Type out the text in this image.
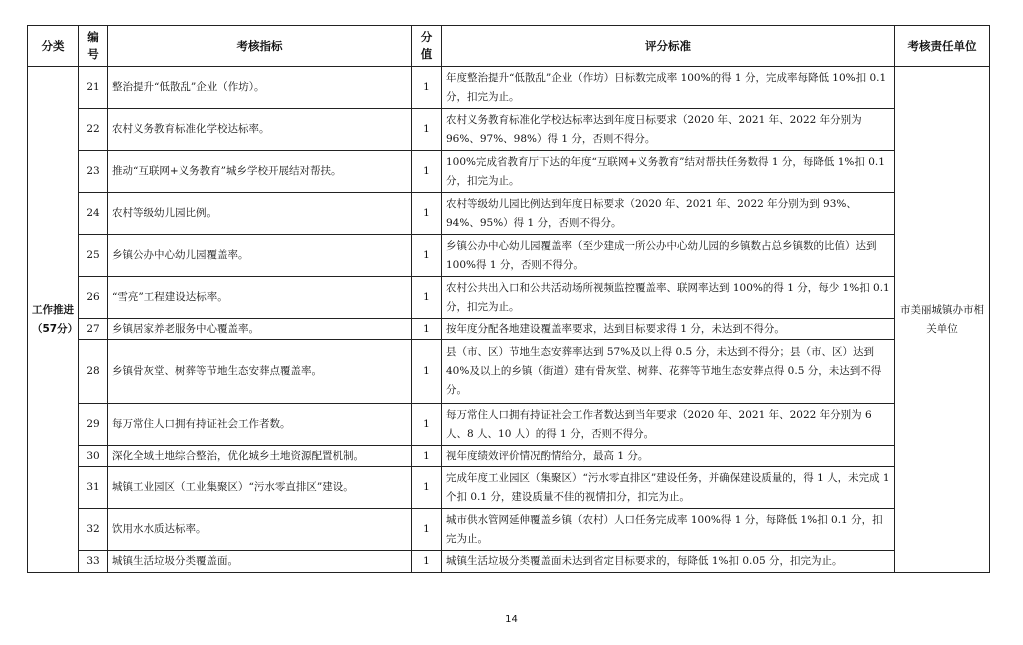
分类	编号	考核指标	分值	评分标准	考核责任单位
工作推进（57分）	21	整治提升“低散乱”企业（作坊）。	1	年度整治提升“低散乱”企业（作坊）日标数完成率 100%的得 1 分，完成率每降低 10%扣 0.1 分，扣完为止。	市美丽城镇办市相关单位
	22	农村义务教育标准化学校达标率。	1	农村义务教育标准化学校达标率达到年度日标要求（2020 年、2021 年、2022 年分别为 96%、97%、98%）得 1 分，否则不得分。	
	23	推动“互联网+义务教育”城乡学校开展结对帮扶。	1	100%完成省教育厅下达的年度“互联网+义务教育”结对帮扶任务数得 1 分，每降低 1%扣 0.1 分，扣完为止。	
	24	农村等级幼儿园比例。	1	农村等级幼儿园比例达到年度日标要求（2020 年、2021 年、2022 年分别为到 93%、94%、95%）得 1 分，否则不得分。	
	25	乡镇公办中心幼儿园覆盖率。	1	乡镇公办中心幼儿园覆盖率（至少建成一所公办中心幼儿园的乡镇数占总乡镇数的比值）达到 100%得 1 分，否则不得分。	
	26	“雪亮”工程建设达标率。	1	农村公共出入口和公共活动场所视频监控覆盖率、联网率达到 100%的得 1 分，每少 1%扣 0.1 分，扣完为止。	
	27	乡镇居家养老服务中心覆盖率。	1	按年度分配各地建设覆盖率要求，达到目标要求得 1 分，未达到不得分。	
	28	乡镇骨灰堂、树葬等节地生态安葬点覆盖率。	1	县（市、区）节地生态安葬率达到 57%及以上得 0.5 分，未达到不得分；县（市、区）达到 40%及以上的乡镇（街道）建有骨灰堂、树葬、花葬等节地生态安葬点得 0.5 分，未达到不得分。	
	29	每万常住人口拥有持证社会工作者数。	1	每万常住人口拥有持证社会工作者数达到当年要求（2020 年、2021 年、2022 年分别为 6 人、8 人、10 人）的得 1 分，否则不得分。	
	30	深化全域土地综合整治，优化城乡土地资源配置机制。	1	视年度绩效评价情况酌情给分，最高 1 分。	
	31	城镇工业园区（工业集聚区）“污水零直排区”建设。	1	完成年度工业园区（集聚区）“污水零直排区”建设任务，并确保建设质量的，得 1 人，未完成 1 个扣 0.1 分，建设质量不佳的视情扣分，扣完为止。	
	32	饮用水水质达标率。	1	城市供水管网延伸覆盖乡镇（农村）人口任务完成率 100%得 1 分，每降低 1%扣 0.1 分，扣完为止。	
	33	城镇生活垃圾分类覆盖面。	1	城镇生活垃圾分类覆盖面未达到省定目标要求的，每降低 1%扣 0.05 分，扣完为止。	
14
